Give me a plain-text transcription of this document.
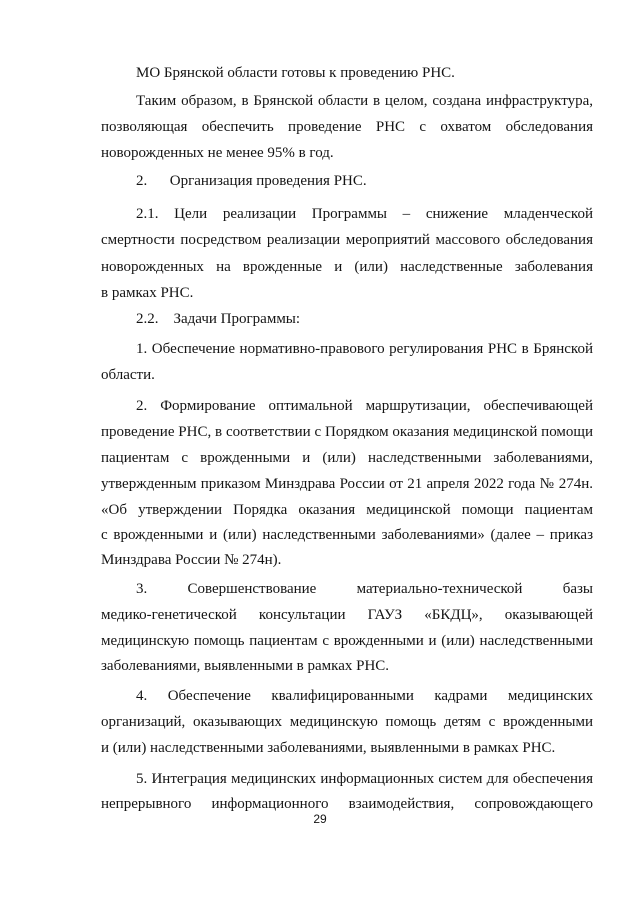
МО Брянской области готовы к проведению РНС.
Таким образом, в Брянской области в целом, создана инфраструктура,
позволяющая обеспечить проведение РНС с охватом обследования
новорожденных не менее 95% в год.
2.      Организация проведения РНС.
2.1. Цели реализации Программы – снижение младенческой
смертности посредством реализации мероприятий массового обследования
новорожденных на врожденные и (или) наследственные заболевания
в рамках РНС.
2.2.    Задачи Программы:
1. Обеспечение нормативно-правового регулирования РНС в Брянской
области.
2. Формирование оптимальной маршрутизации, обеспечивающей
проведение РНС, в соответствии с Порядком оказания медицинской помощи
пациентам с врожденными и (или) наследственными заболеваниями,
утвержденным приказом Минздрава России от 21 апреля 2022 года № 274н.
«Об утверждении Порядка оказания медицинской помощи пациентам
с врожденными и (или) наследственными заболеваниями» (далее – приказ
Минздрава России № 274н).
3. Совершенствование материально-технической базы
медико-генетической консультации ГАУЗ «БКДЦ», оказывающей
медицинскую помощь пациентам с врожденными и (или) наследственными
заболеваниями, выявленными в рамках РНС.
4. Обеспечение квалифицированными кадрами медицинских
организаций, оказывающих медицинскую помощь детям с врожденными
и (или) наследственными заболеваниями, выявленными в рамках РНС.
5. Интеграция медицинских информационных систем для обеспечения
непрерывного информационного взаимодействия, сопровождающего
29
